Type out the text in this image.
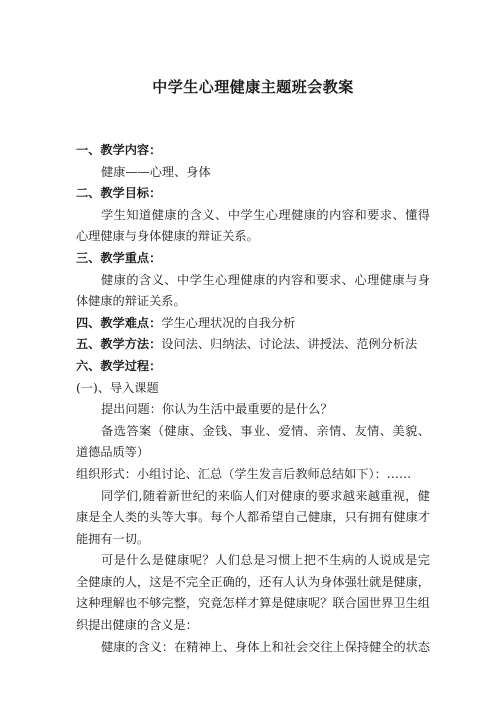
中学生心理健康主题班会教案

一、教学内容：

健康——心理、身体

二、教学目标：

学生知道健康的含义、中学生心理健康的内容和要求、懂得心理健康与身体健康的辩证关系。

三、教学重点：

健康的含义、中学生心理健康的内容和要求、心理健康与身体健康的辩证关系。

四、教学难点：学生心理状况的自我分析

五、教学方法：设问法、归纳法、讨论法、讲授法、范例分析法

六、教学过程：

(一)、导入课题

提出问题：你认为生活中最重要的是什么？

备选答案（健康、金钱、事业、爱情、亲情、友情、美貌、道德品质等）

组织形式：小组讨论、汇总（学生发言后教师总结如下）：……

同学们,随着新世纪的来临人们对健康的要求越来越重视，健康是全人类的头等大事。每个人都希望自己健康，只有拥有健康才能拥有一切。

可是什么是健康呢？人们总是习惯上把不生病的人说成是完全健康的人，这是不完全正确的，还有人认为身体强壮就是健康，这种理解也不够完整，究竟怎样才算是健康呢？联合国世界卫生组织提出健康的含义是：

健康的含义：在精神上、身体上和社会交往上保持健全的状态
